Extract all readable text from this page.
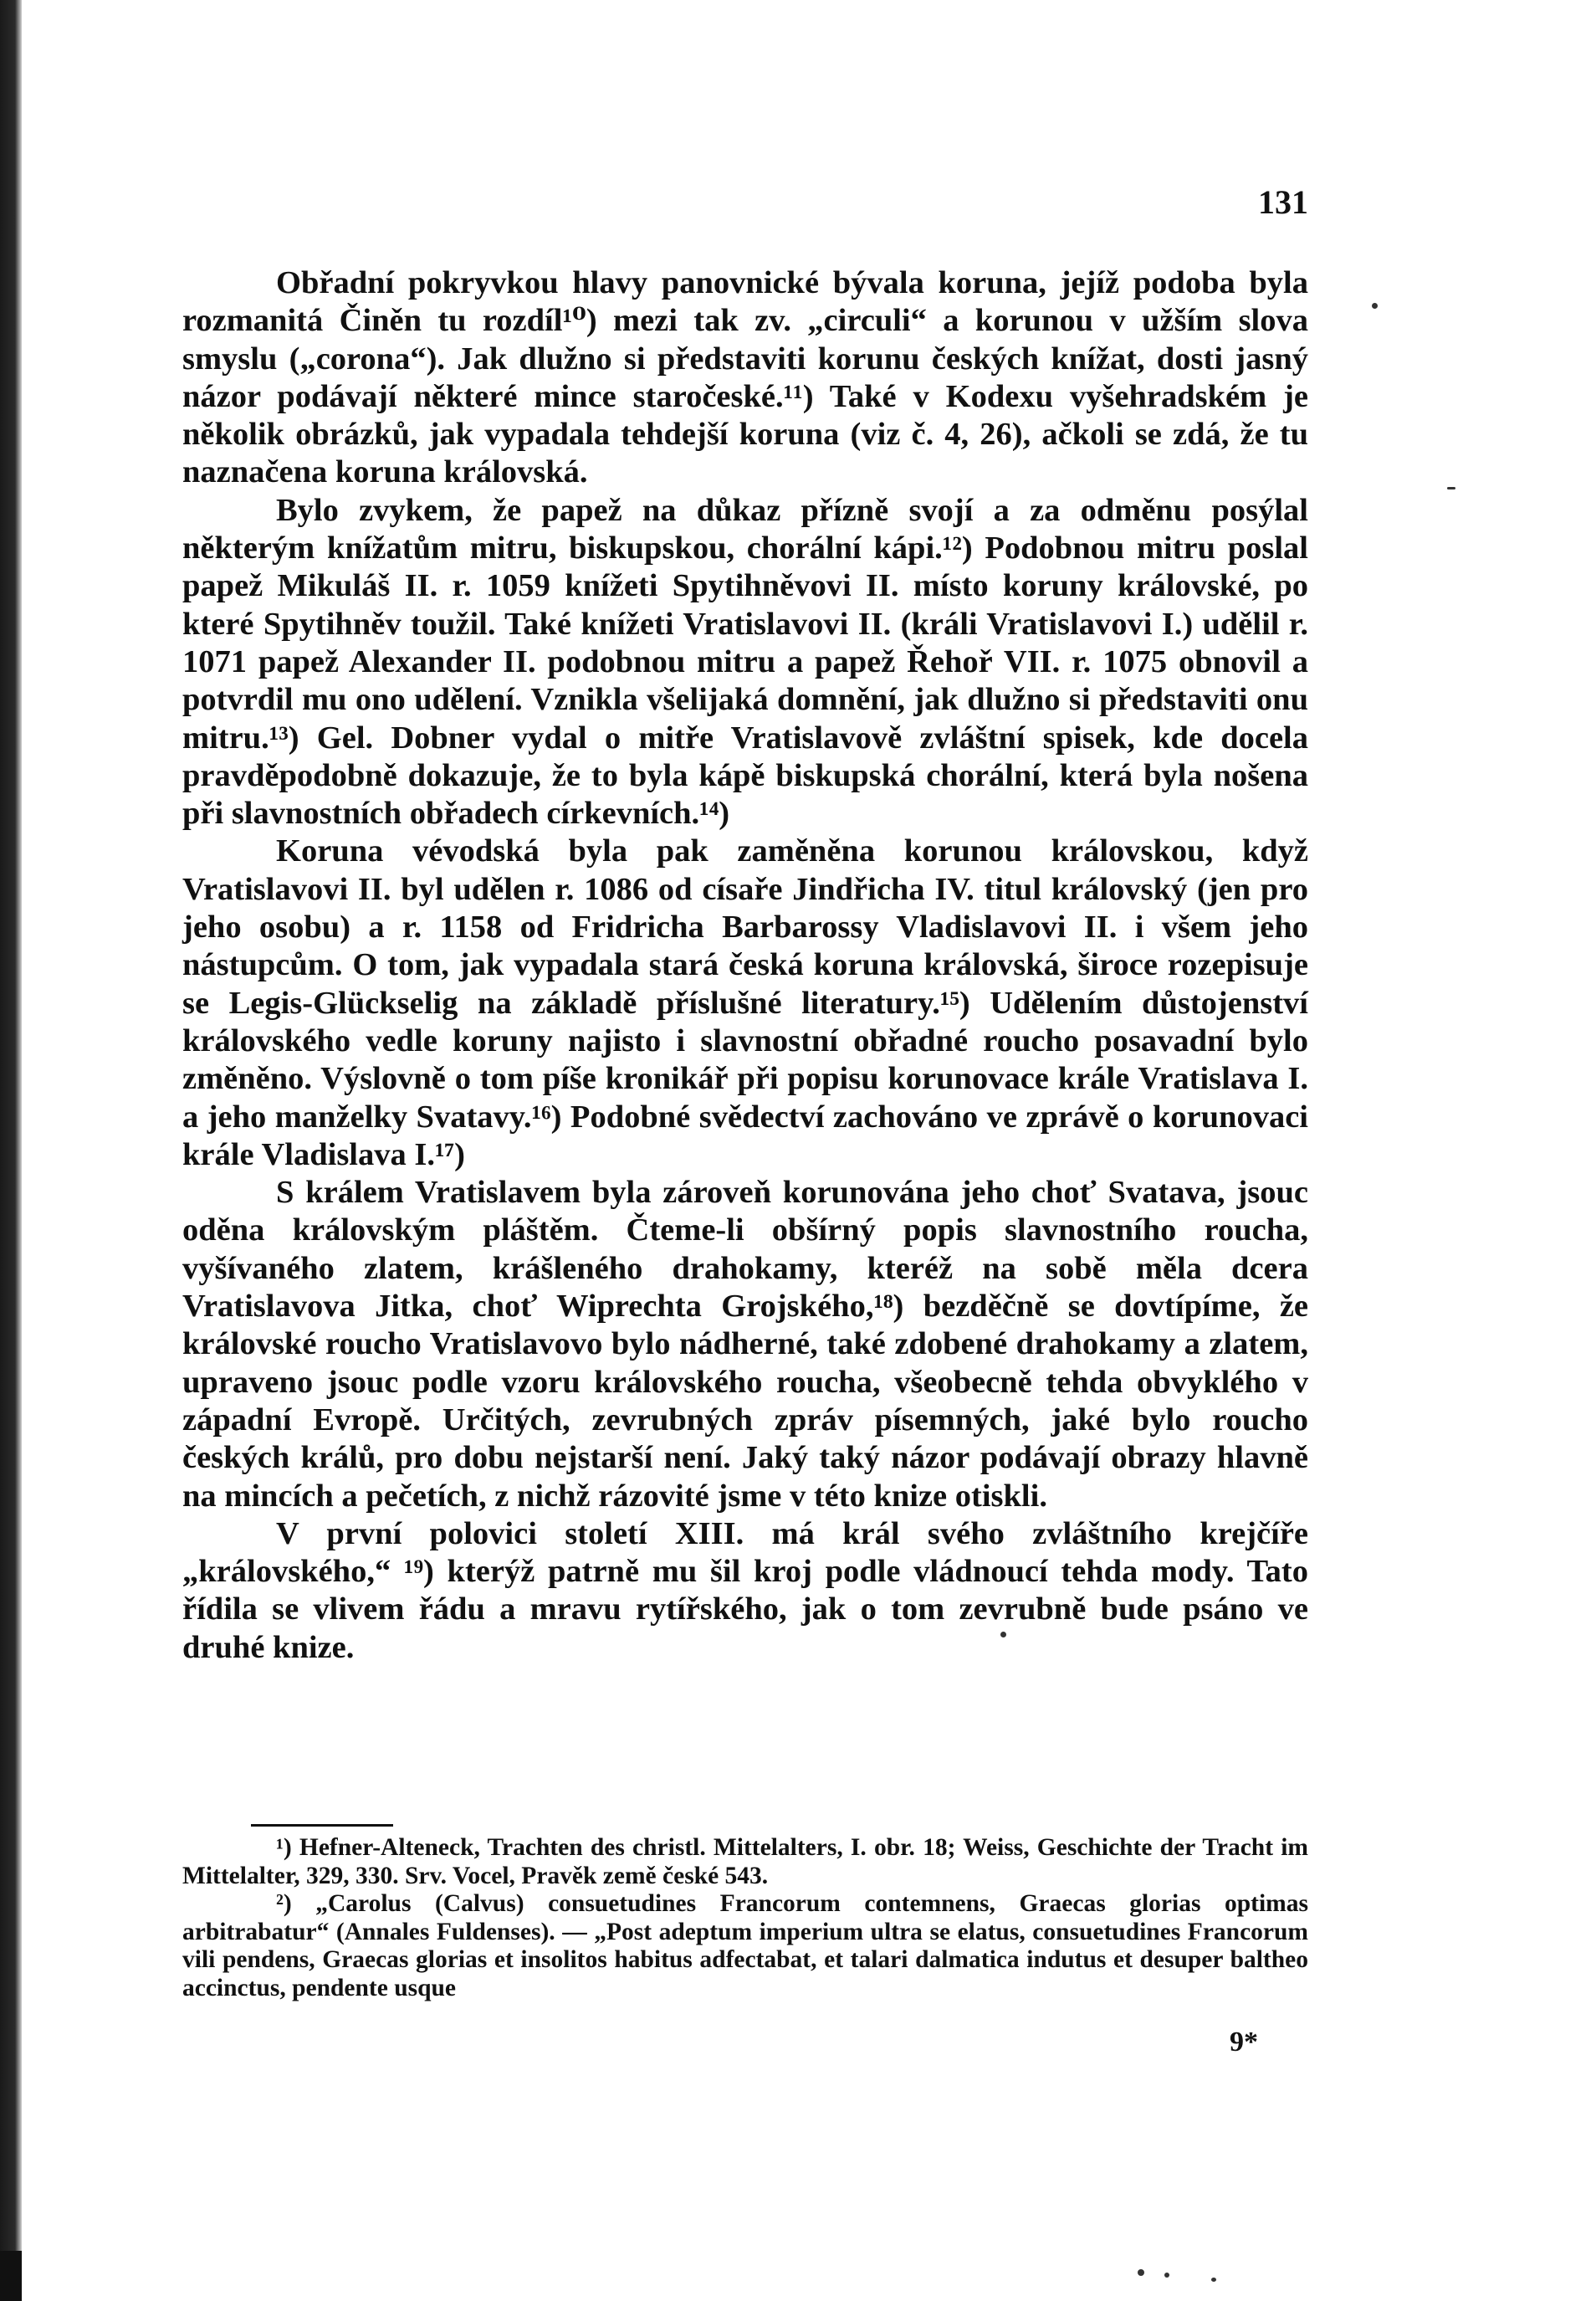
131

Obřadní pokryvkou hlavy panovnické bývala koruna, jejíž podoba byla rozmanitá Činěn tu rozdíl¹⁰) mezi tak zv. „circuli“ a korunou v užším slova smyslu („corona“). Jak dlužno si představiti korunu českých knížat, dosti jasný názor podávají některé mince staročeské.¹¹) Také v Kodexu vyšehradském je několik obrázků, jak vypadala tehdejší koruna (viz č. 4, 26), ačkoli se zdá, že tu naznačena koruna královská.

Bylo zvykem, že papež na důkaz přízně svojí a za odměnu posýlal některým knížatům mitru, biskupskou, chorální kápi.¹²) Podobnou mitru poslal papež Mikuláš II. r. 1059 knížeti Spytihněvovi II. místo koruny královské, po které Spytihněv toužil. Také knížeti Vratislavovi II. (králi Vratislavovi I.) udělil r. 1071 papež Alexander II. podobnou mitru a papež Řehoř VII. r. 1075 obnovil a potvrdil mu ono udělení. Vznikla všelijaká domnění, jak dlužno si představiti onu mitru.¹³) Gel. Dobner vydal o mitře Vratislavově zvláštní spisek, kde docela pravděpodobně dokazuje, že to byla kápě biskupská chorální, která byla nošena při slavnostních obřadech církevních.¹⁴)

Koruna vévodská byla pak zaměněna korunou královskou, když Vratislavovi II. byl udělen r. 1086 od císaře Jindřicha IV. titul královský (jen pro jeho osobu) a r. 1158 od Fridricha Barbarossy Vladislavovi II. i všem jeho nástupcům. O tom, jak vypadala stará česká koruna královská, široce rozepisuje se Legis-Glückselig na základě příslušné literatury.¹⁵) Udělením důstojenství královského vedle koruny najisto i slavnostní obřadné roucho posavadní bylo změněno. Výslovně o tom píše kronikář při popisu korunovace krále Vratislava I. a jeho manželky Svatavy.¹⁶) Podobné svědectví zachováno ve zprávě o korunovaci krále Vladislava I.¹⁷)

S králem Vratislavem byla zároveň korunována jeho choť Svatava, jsouc oděna královským pláštěm. Čteme-li obšírný popis slavnostního roucha, vyšívaného zlatem, krášleného drahokamy, kteréž na sobě měla dcera Vratislavova Jitka, choť Wiprechta Grojského,¹⁸) bezděčně se dovtípíme, že královské roucho Vratislavovo bylo nádherné, také zdobené drahokamy a zlatem, upraveno jsouc podle vzoru královského roucha, všeobecně tehda obvyklého v západní Evropě. Určitých, zevrubných zpráv písemných, jaké bylo roucho českých králů, pro dobu nejstarší není. Jaký taký názor podávají obrazy hlavně na mincích a pečetích, z nichž rázovité jsme v této knize otiskli.

V první polovici století XIII. má král svého zvláštního krejčíře „královského,“ ¹⁹) kterýž patrně mu šil kroj podle vládnoucí tehda mody. Tato řídila se vlivem řádu a mravu rytířského, jak o tom zevrubně bude psáno ve druhé knize.

¹) Hefner-Alteneck, Trachten des christl. Mittelalters, I. obr. 18; Weiss, Geschichte der Tracht im Mittelalter, 329, 330. Srv. Vocel, Pravěk země české 543.

²) „Carolus (Calvus) consuetudines Francorum contemnens, Graecas glorias optimas arbitrabatur“ (Annales Fuldenses). — „Post adeptum imperium ultra se elatus, consuetudines Francorum vili pendens, Graecas glorias et insolitos habitus adfectabat, et talari dalmatica indutus et desuper baltheo accinctus, pendente usque

9*
